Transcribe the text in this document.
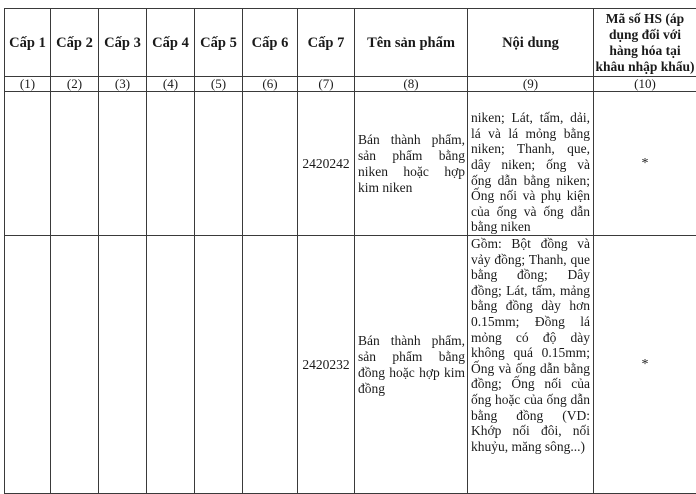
Cấp 1	Cấp 2	Cấp 3	Cấp 4	Cấp 5	Cấp 6	Cấp 7	Tên sản phẩm	Nội dung	Mã số HS (áp dụng đối với hàng hóa tại khâu nhập khẩu)
(1)	(2)	(3)	(4)	(5)	(6)	(7)	(8)	(9)	(10)
						2420242	Bán thành phẩm, sản phẩm bằng niken hoặc hợp kim niken	niken; Lát, tấm, dải, lá và lá mỏng bằng niken; Thanh, que, dây niken; ống và ống dẫn bằng niken; Ống nối và phụ kiện của ống và ống dẫn bằng niken	*
						2420232	Bán thành phẩm, sản phẩm bằng đồng hoặc hợp kim đồng	Gồm: Bột đồng và vảy đồng; Thanh, que bằng đồng; Dây đồng; Lát, tấm, mảng bằng đồng dày hơn 0.15mm; Đồng lá mỏng có độ dày không quá 0.15mm; Ống và ống dẫn bằng đồng; Ống nối của ống hoặc của ống dẫn bằng đồng (VD: Khớp nối đôi, nối khuỷu, măng sông...)	*
